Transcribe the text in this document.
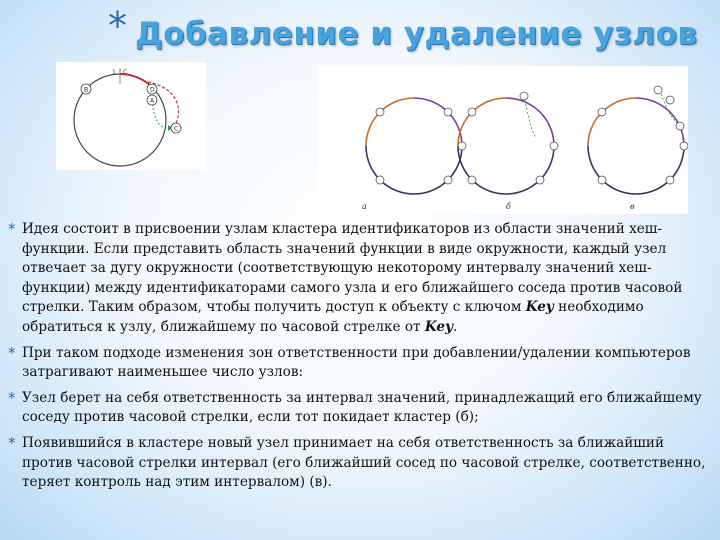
* Добавление и удаление узлов
1 C
B	D
A
C
а	б	в
* Идея состоит в присвоении узлам кластера идентификаторов из области значений хеш-функции. Если представить область значений функции в виде окружности, каждый узел отвечает за дугу окружности (соответствующую некоторому интервалу значений хеш-функции) между идентификаторами самого узла и его ближайшего соседа против часовой стрелки. Таким образом, чтобы получить доступ к объекту с ключом Key необходимо обратиться к узлу, ближайшему по часовой стрелке от Key.
* При таком подходе изменения зон ответственности при добавлении/удалении компьютеров затрагивают наименьшее число узлов:
* Узел берет на себя ответственность за интервал значений, принадлежащий его ближайшему соседу против часовой стрелки, если тот покидает кластер (б);
* Появившийся в кластере новый узел принимает на себя ответственность за ближайший против часовой стрелки интервал (его ближайший сосед по часовой стрелке, соответственно, теряет контроль над этим интервалом) (в).
